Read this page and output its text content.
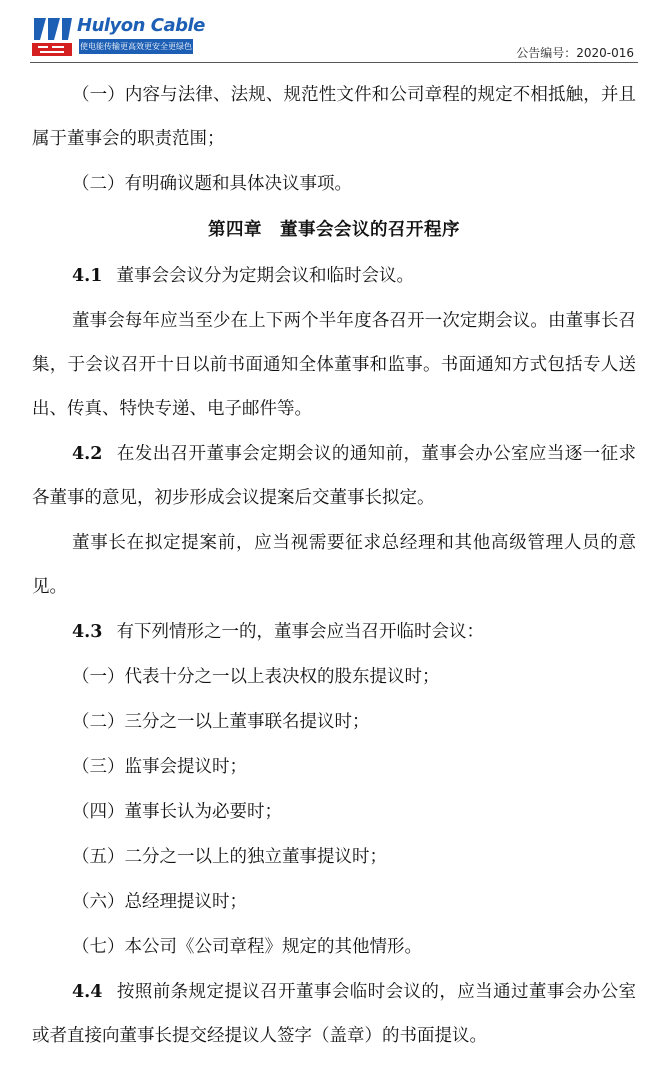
Hulyon Cable
使电能传输更高效更安全更绿色	公告编号：2020-016

（一）内容与法律、法规、规范性文件和公司章程的规定不相抵触，并且属于董事会的职责范围；

（二）有明确议题和具体决议事项。

第四章　董事会会议的召开程序

4.1 董事会会议分为定期会议和临时会议。

董事会每年应当至少在上下两个半年度各召开一次定期会议。由董事长召集，于会议召开十日以前书面通知全体董事和监事。书面通知方式包括专人送出、传真、特快专递、电子邮件等。

4.2 在发出召开董事会定期会议的通知前，董事会办公室应当逐一征求各董事的意见，初步形成会议提案后交董事长拟定。

董事长在拟定提案前，应当视需要征求总经理和其他高级管理人员的意见。

4.3 有下列情形之一的，董事会应当召开临时会议：

（一）代表十分之一以上表决权的股东提议时；
（二）三分之一以上董事联名提议时；
（三）监事会提议时；
（四）董事长认为必要时；
（五）二分之一以上的独立董事提议时；
（六）总经理提议时；
（七）本公司《公司章程》规定的其他情形。

4.4 按照前条规定提议召开董事会临时会议的，应当通过董事会办公室或者直接向董事长提交经提议人签字（盖章）的书面提议。
